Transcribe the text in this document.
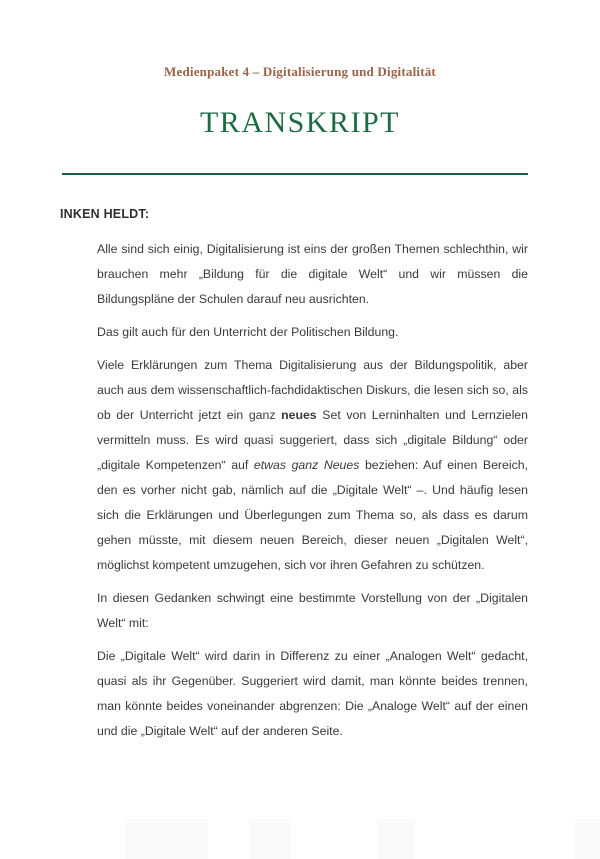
Medienpaket 4 – Digitalisierung und Digitalität
TRANSKRIPT
INKEN HELDT:

Alle sind sich einig, Digitalisierung ist eins der großen Themen schlechthin, wir brauchen mehr „Bildung für die digitale Welt“ und wir müssen die Bildungspläne der Schulen darauf neu ausrichten.

Das gilt auch für den Unterricht der Politischen Bildung.

Viele Erklärungen zum Thema Digitalisierung aus der Bildungspolitik, aber auch aus dem wissenschaftlich-fachdidaktischen Diskurs, die lesen sich so, als ob der Unterricht jetzt ein ganz neues Set von Lerninhalten und Lernzielen vermitteln muss. Es wird quasi suggeriert, dass sich „digitale Bildung“ oder „digitale Kompetenzen“ auf etwas ganz Neues beziehen: Auf einen Bereich, den es vorher nicht gab, nämlich auf die „Digitale Welt“ –. Und häufig lesen sich die Erklärungen und Überlegungen zum Thema so, als dass es darum gehen müsste, mit diesem neuen Bereich, dieser neuen „Digitalen Welt“, möglichst kompetent umzugehen, sich vor ihren Gefahren zu schützen.

In diesen Gedanken schwingt eine bestimmte Vorstellung von der „Digitalen Welt“ mit:

Die „Digitale Welt“ wird darin in Differenz zu einer „Analogen Welt“ gedacht, quasi als ihr Gegenüber. Suggeriert wird damit, man könnte beides trennen, man könnte beides voneinander abgrenzen: Die „Analoge Welt“ auf der einen und die „Digitale Welt“ auf der anderen Seite.
